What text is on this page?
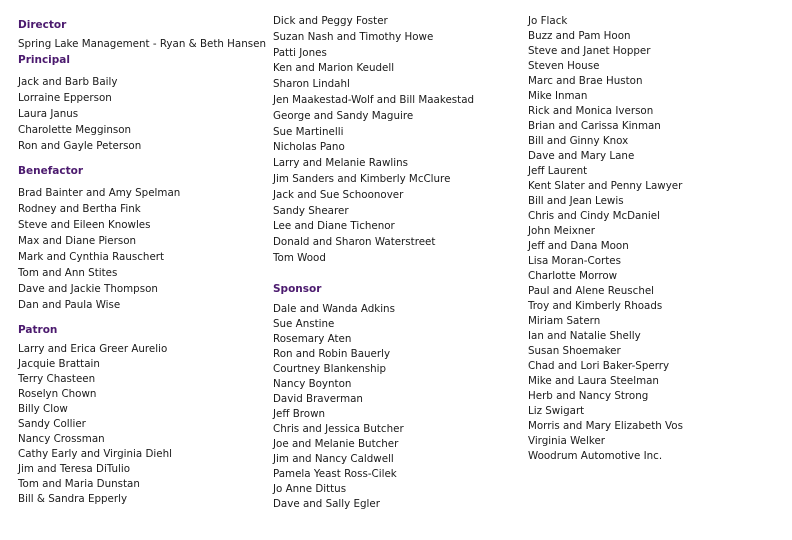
Director
Spring Lake Management - Ryan & Beth Hansen
Principal
Jack and Barb Baily
Lorraine Epperson
Laura Janus
Charolette Megginson
Ron and Gayle Peterson
Benefactor
Brad Bainter and Amy Spelman
Rodney and Bertha Fink
Steve and Eileen Knowles
Max and Diane Pierson
Mark and Cynthia Rauschert
Tom and Ann Stites
Dave and Jackie Thompson
Dan and Paula Wise
Patron
Larry and Erica Greer Aurelio
Jacquie Brattain
Terry Chasteen
Roselyn Chown
Billy Clow
Sandy Collier
Nancy Crossman
Cathy Early and Virginia Diehl
Jim and Teresa DiTulio
Tom and Maria Dunstan
Bill & Sandra Epperly
Dick and Peggy Foster
Suzan Nash and Timothy Howe
Patti Jones
Ken and Marion Keudell
Sharon Lindahl
Jen Maakestad-Wolf and Bill Maakestad
George and Sandy Maguire
Sue Martinelli
Nicholas Pano
Larry and Melanie Rawlins
Jim Sanders and Kimberly McClure
Jack and Sue Schoonover
Sandy Shearer
Lee and Diane Tichenor
Donald and Sharon Waterstreet
Tom Wood
Sponsor
Dale and Wanda Adkins
Sue Anstine
Rosemary Aten
Ron and Robin Bauerly
Courtney Blankenship
Nancy Boynton
David Braverman
Jeff Brown
Chris and Jessica Butcher
Joe and Melanie Butcher
Jim and Nancy Caldwell
Pamela Yeast Ross-Cilek
Jo Anne Dittus
Dave and Sally Egler
Jo Flack
Buzz and Pam Hoon
Steve and Janet Hopper
Steven House
Marc and Brae Huston
Mike Inman
Rick and Monica Iverson
Brian and Carissa Kinman
Bill and Ginny Knox
Dave and Mary Lane
Jeff Laurent
Kent Slater and Penny Lawyer
Bill and Jean Lewis
Chris and Cindy McDaniel
John Meixner
Jeff and Dana Moon
Lisa Moran-Cortes
Charlotte Morrow
Paul and Alene Reuschel
Troy and Kimberly Rhoads
Miriam Satern
Ian and Natalie Shelly
Susan Shoemaker
Chad and Lori Baker-Sperry
Mike and Laura Steelman
Herb and Nancy Strong
Liz Swigart
Morris and Mary Elizabeth Vos
Virginia Welker
Woodrum Automotive Inc.
